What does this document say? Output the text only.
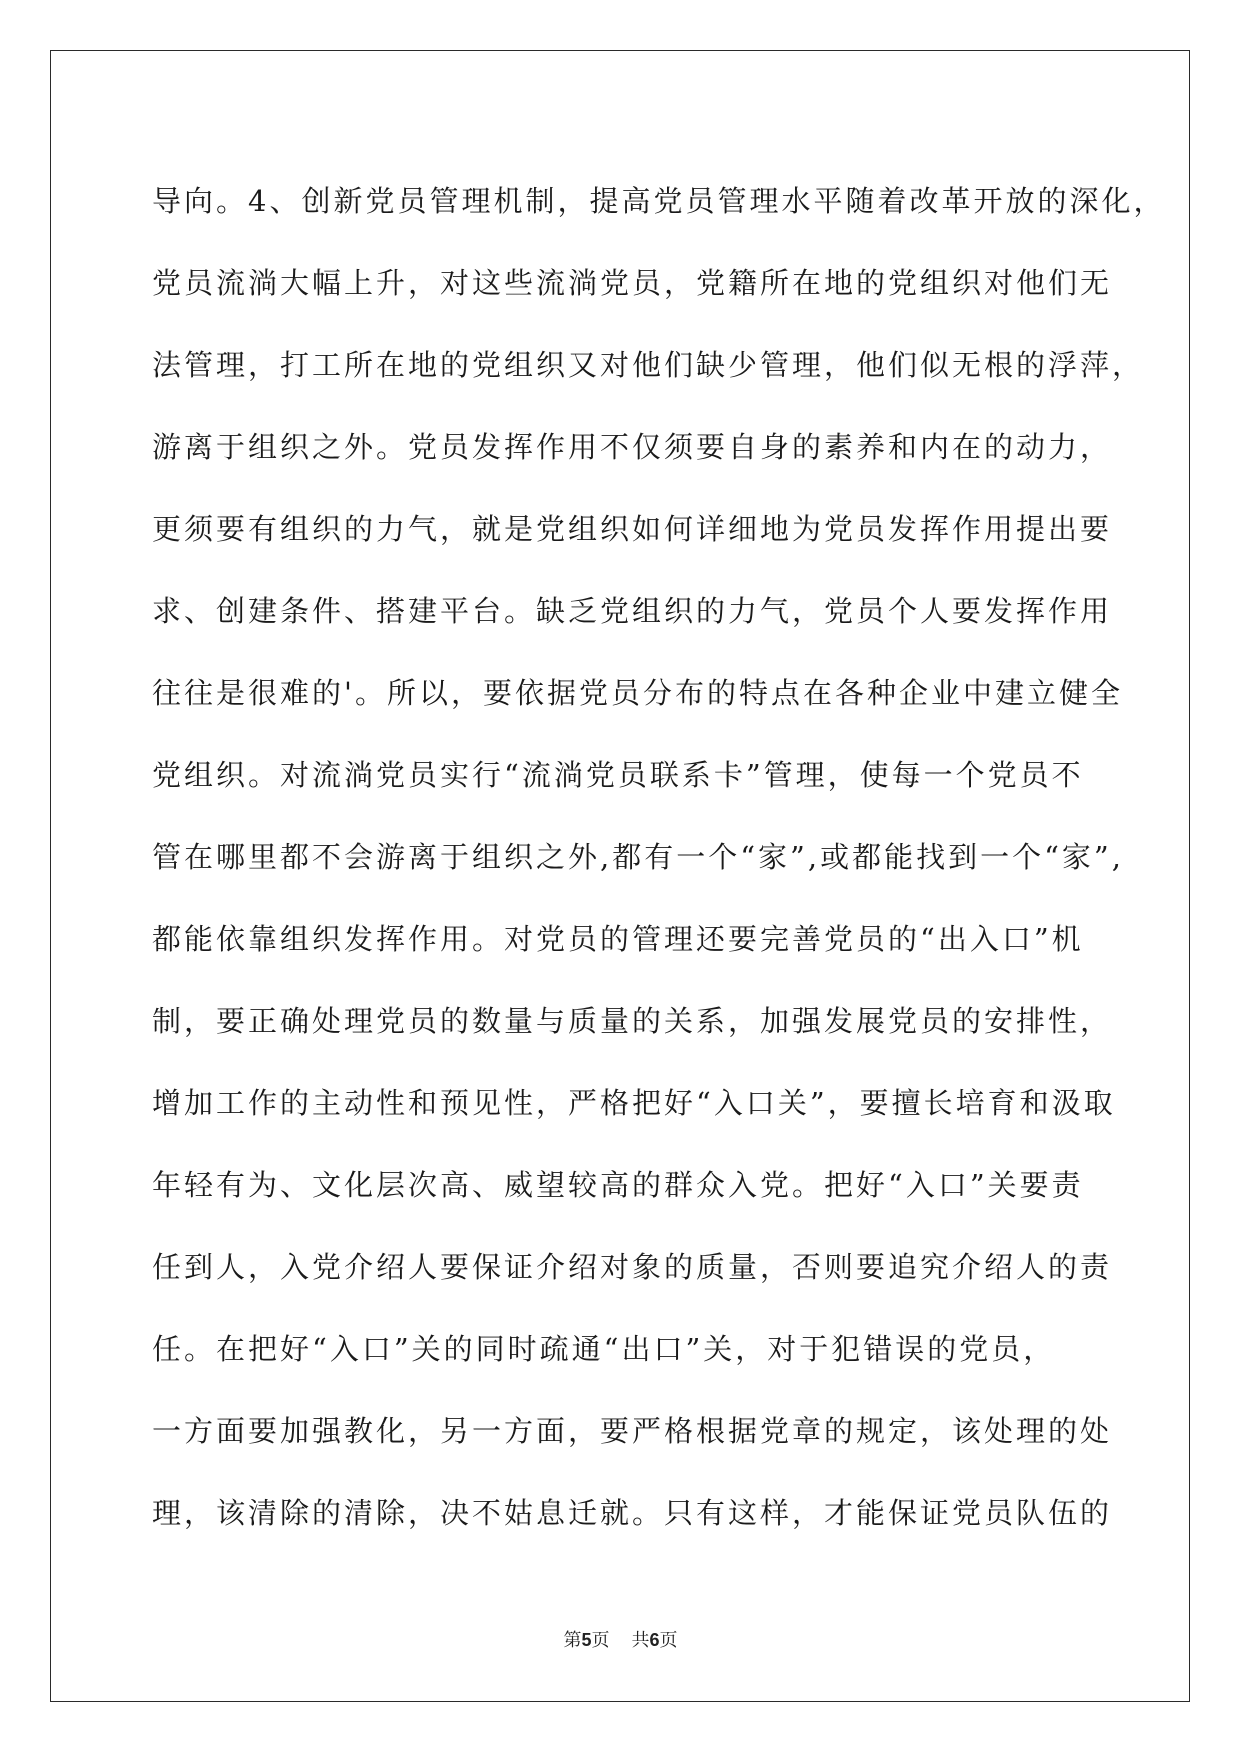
导向。4、创新党员管理机制，提高党员管理水平随着改革开放的深化，
党员流淌大幅上升，对这些流淌党员，党籍所在地的党组织对他们无
法管理，打工所在地的党组织又对他们缺少管理，他们似无根的浮萍，
游离于组织之外。党员发挥作用不仅须要自身的素养和内在的动力，
更须要有组织的力气，就是党组织如何详细地为党员发挥作用提出要
求、创建条件、搭建平台。缺乏党组织的力气，党员个人要发挥作用
往往是很难的'。所以，要依据党员分布的特点在各种企业中建立健全
党组织。对流淌党员实行“流淌党员联系卡”管理，使每一个党员不
管在哪里都不会游离于组织之外,都有一个“家”,或都能找到一个“家”,
都能依靠组织发挥作用。对党员的管理还要完善党员的“出入口”机
制，要正确处理党员的数量与质量的关系，加强发展党员的安排性，
增加工作的主动性和预见性，严格把好“入口关”，要擅长培育和汲取
年轻有为、文化层次高、威望较高的群众入党。把好“入口”关要责
任到人，入党介绍人要保证介绍对象的质量，否则要追究介绍人的责
任。在把好“入口”关的同时疏通“出口”关，对于犯错误的党员，
一方面要加强教化，另一方面，要严格根据党章的规定，该处理的处
理，该清除的清除，决不姑息迁就。只有这样，才能保证党员队伍的
第5页 共6页
